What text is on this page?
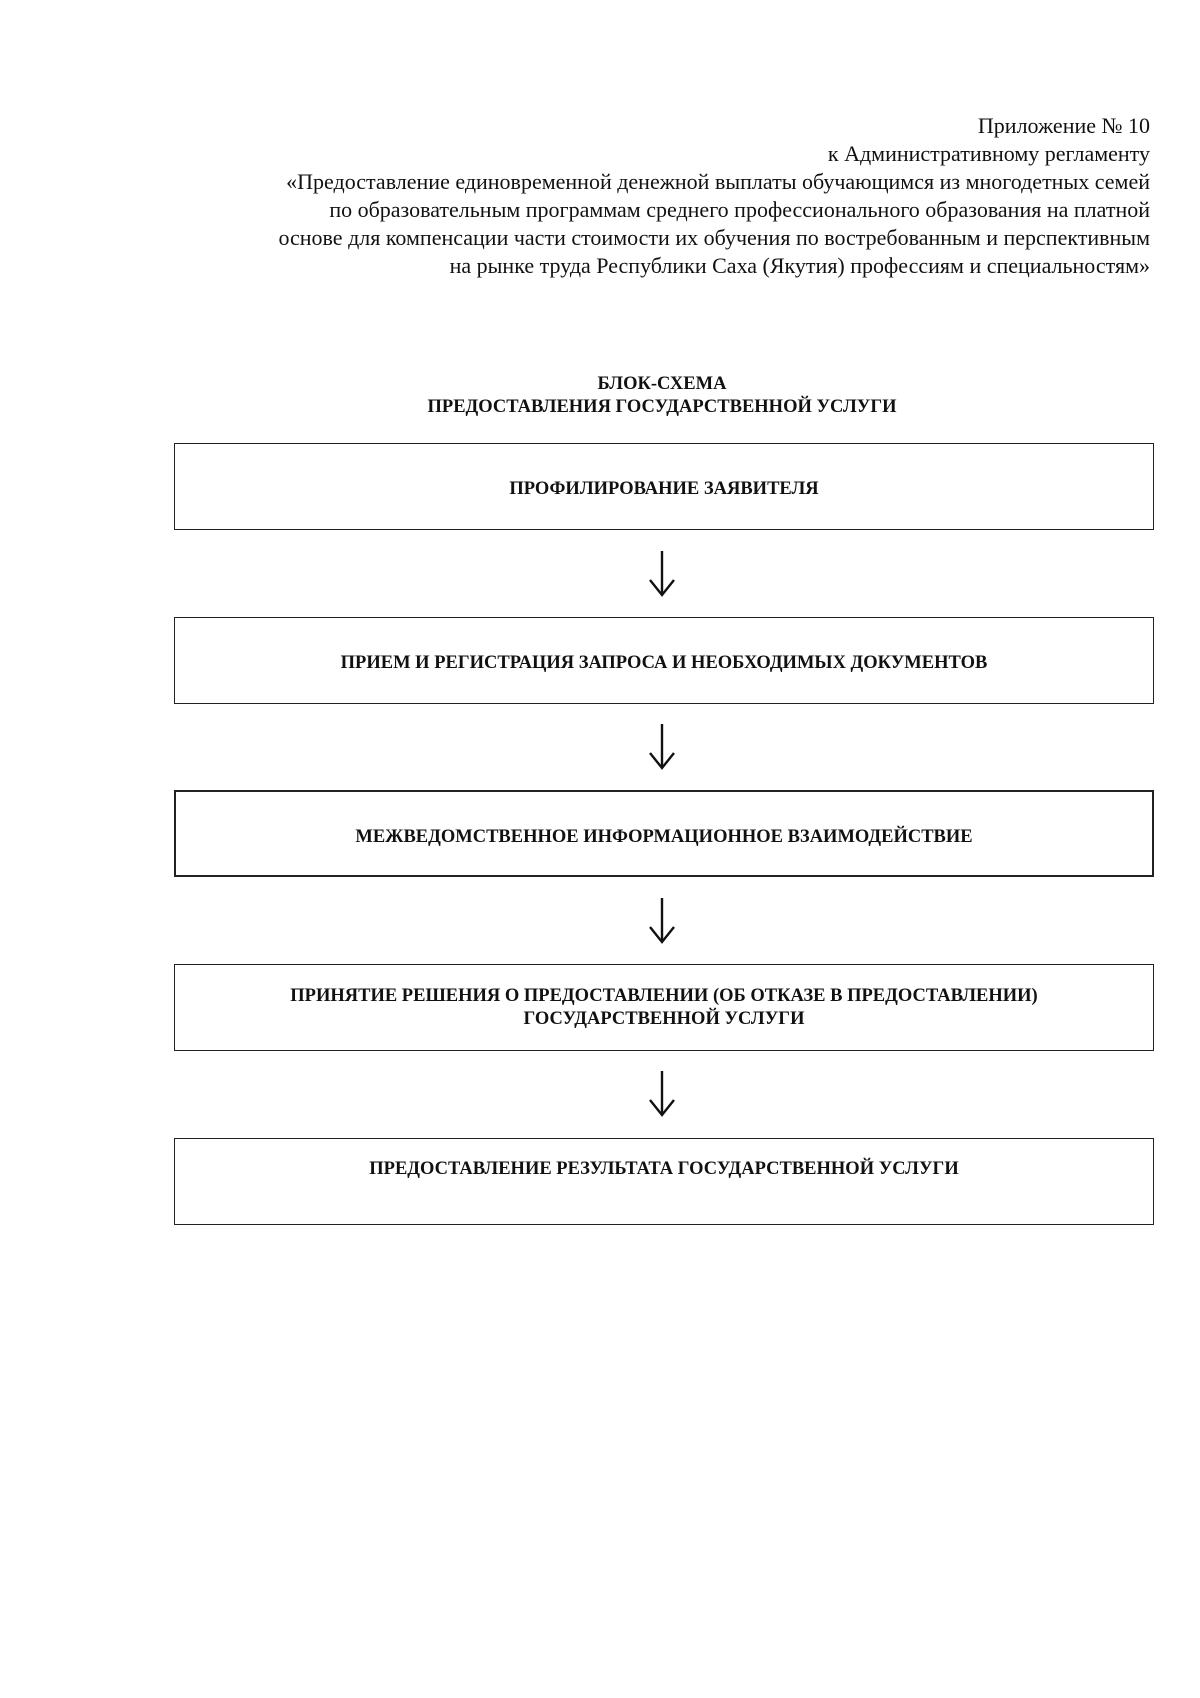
Приложение № 10
к Административному регламенту
«Предоставление единовременной денежной выплаты обучающимся из многодетных семей
по образовательным программам среднего профессионального образования на платной
основе для компенсации части стоимости их обучения по востребованным и перспективным
на рынке труда Республики Саха (Якутия) профессиям и специальностям»
БЛОК-СХЕМА
ПРЕДОСТАВЛЕНИЯ ГОСУДАРСТВЕННОЙ УСЛУГИ
ПРОФИЛИРОВАНИЕ ЗАЯВИТЕЛЯ
ПРИЕМ И РЕГИСТРАЦИЯ ЗАПРОСА И НЕОБХОДИМЫХ ДОКУМЕНТОВ
МЕЖВЕДОМСТВЕННОЕ ИНФОРМАЦИОННОЕ ВЗАИМОДЕЙСТВИЕ
ПРИНЯТИЕ РЕШЕНИЯ О ПРЕДОСТАВЛЕНИИ (ОБ ОТКАЗЕ В ПРЕДОСТАВЛЕНИИ)
ГОСУДАРСТВЕННОЙ УСЛУГИ
ПРЕДОСТАВЛЕНИЕ РЕЗУЛЬТАТА ГОСУДАРСТВЕННОЙ УСЛУГИ
